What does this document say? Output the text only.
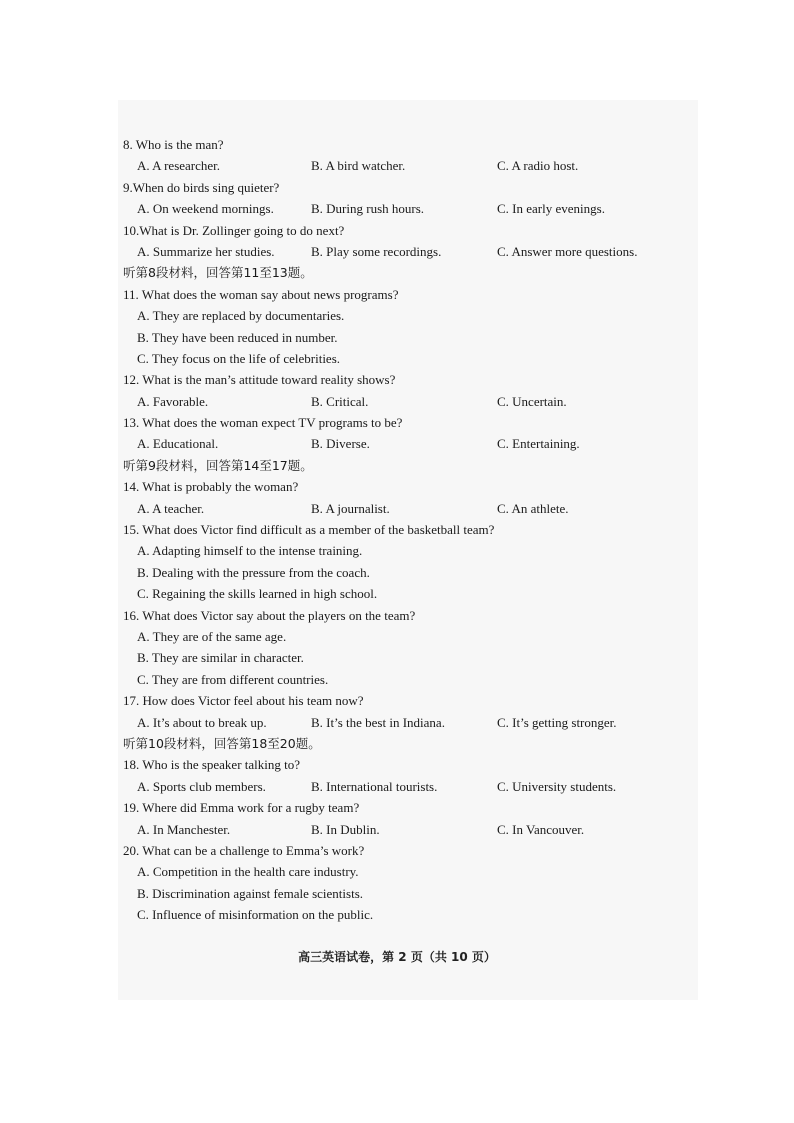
8. Who is the man?
A. A researcher.	B. A bird watcher.	C. A radio host.
9.When do birds sing quieter?
A. On weekend mornings.	B. During rush hours.	C. In early evenings.
10.What is Dr. Zollinger going to do next?
A. Summarize her studies.	B. Play some recordings.	C. Answer more questions.
听第8段材料，回答第11至13题。
11. What does the woman say about news programs?
A. They are replaced by documentaries.
B. They have been reduced in number.
C. They focus on the life of celebrities.
12. What is the man’s attitude toward reality shows?
A. Favorable.	B. Critical.	C. Uncertain.
13. What does the woman expect TV programs to be?
A. Educational.	B. Diverse.	C. Entertaining.
听第9段材料，回答第14至17题。
14. What is probably the woman?
A. A teacher.	B. A journalist.	C. An athlete.
15. What does Victor find difficult as a member of the basketball team?
A. Adapting himself to the intense training.
B. Dealing with the pressure from the coach.
C. Regaining the skills learned in high school.
16. What does Victor say about the players on the team?
A. They are of the same age.
B. They are similar in character.
C. They are from different countries.
17. How does Victor feel about his team now?
A. It’s about to break up.	B. It’s the best in Indiana.	C. It’s getting stronger.
听第10段材料，回答第18至20题。
18. Who is the speaker talking to?
A. Sports club members.	B. International tourists.	C. University students.
19. Where did Emma work for a rugby team?
A. In Manchester.	B. In Dublin.	C. In Vancouver.
20. What can be a challenge to Emma’s work?
A. Competition in the health care industry.
B. Discrimination against female scientists.
C. Influence of misinformation on the public.
高三英语试卷，第 2 页（共 10 页）
